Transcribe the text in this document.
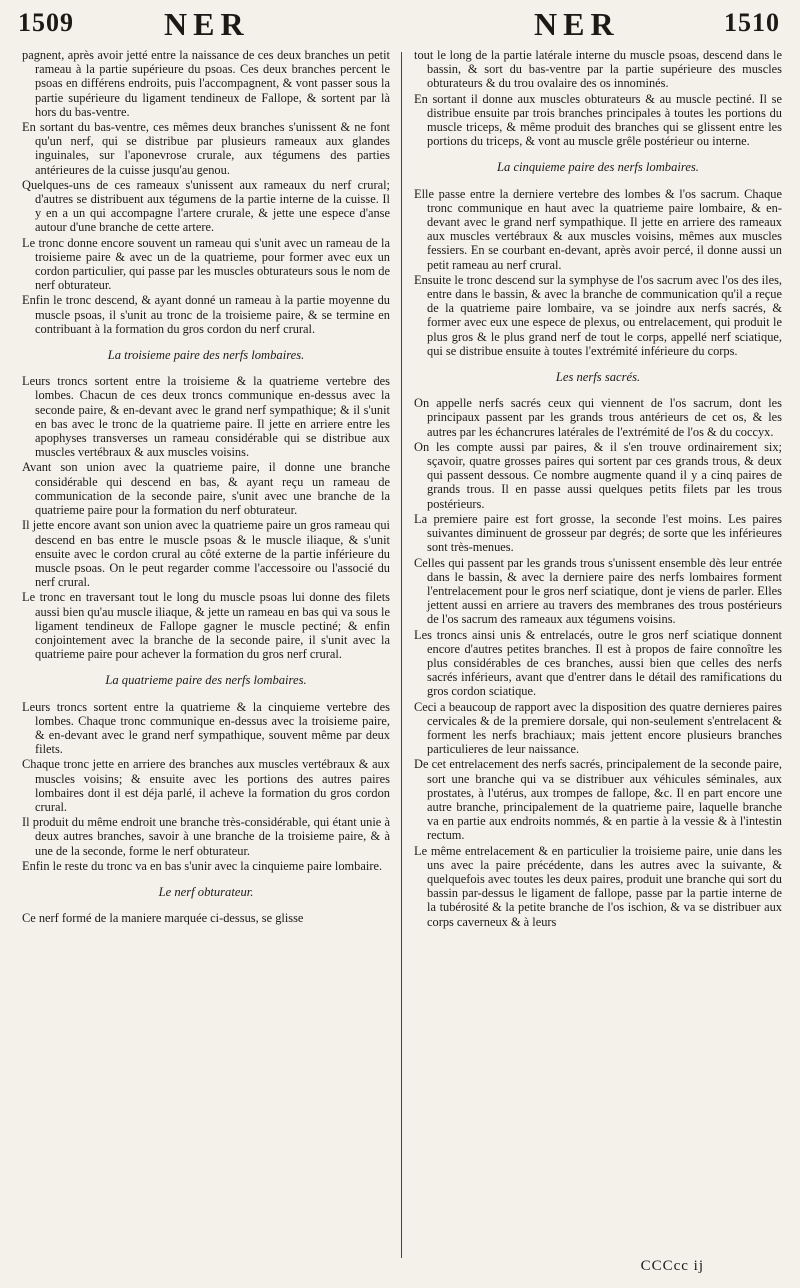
1509	NER	NER	1510
pagnent, après avoir jetté entre la naissance de ces deux branches un petit rameau à la partie supérieure du psoas. Ces deux branches percent le psoas en différens endroits, puis l'accompagnent, & vont passer sous la partie supérieure du ligament tendineux de Fallope, & sortent par là hors du bas-ventre.
En sortant du bas-ventre, ces mêmes deux branches s'unissent & ne font qu'un nerf, qui se distribue par plusieurs rameaux aux glandes inguinales, sur l'aponevrose crurale, aux tégumens des parties antérieures de la cuisse jusqu'au genou.
Quelques-uns de ces rameaux s'unissent aux rameaux du nerf crural; d'autres se distribuent aux tégumens de la partie interne de la cuisse. Il y en a un qui accompagne l'artere crurale, & jette une espece d'anse autour d'une branche de cette artere.
Le tronc donne encore souvent un rameau qui s'unit avec un rameau de la troisieme paire & avec un de la quatrieme, pour former avec eux un cordon particulier, qui passe par les muscles obturateurs sous le nom de nerf obturateur.
Enfin le tronc descend, & ayant donné un rameau à la partie moyenne du muscle psoas, il s'unit au tronc de la troisieme paire, & se termine en contribuant à la formation du gros cordon du nerf crural.
La troisieme paire des nerfs lombaires.
Leurs troncs sortent entre la troisieme & la quatrieme vertebre des lombes. Chacun de ces deux troncs communique en-dessus avec la seconde paire, & en-devant avec le grand nerf sympathique; & il s'unit en bas avec le tronc de la quatrieme paire. Il jette en arriere entre les apophyses transverses un rameau considérable qui se distribue aux muscles vertébraux & aux muscles voisins.
Avant son union avec la quatrieme paire, il donne une branche considérable qui descend en bas, & ayant reçu un rameau de communication de la seconde paire, s'unit avec une branche de la quatrieme paire pour la formation du nerf obturateur.
Il jette encore avant son union avec la quatrieme paire un gros rameau qui descend en bas entre le muscle psoas & le muscle iliaque, & s'unit ensuite avec le cordon crural au côté externe de la partie inférieure du muscle psoas. On le peut regarder comme l'accessoire ou l'associé du nerf crural.
Le tronc en traversant tout le long du muscle psoas lui donne des filets aussi bien qu'au muscle iliaque, & jette un rameau en bas qui va sous le ligament tendineux de Fallope gagner le muscle pectiné; & enfin conjointement avec la branche de la seconde paire, il s'unit avec la quatrieme paire pour achever la formation du gros nerf crural.
La quatrieme paire des nerfs lombaires.
Leurs troncs sortent entre la quatrieme & la cinquieme vertebre des lombes. Chaque tronc communique en-dessus avec la troisieme paire, & en-devant avec le grand nerf sympathique, souvent même par deux filets.
Chaque tronc jette en arriere des branches aux muscles vertébraux & aux muscles voisins; & ensuite avec les portions des autres paires lombaires dont il est déja parlé, il acheve la formation du gros cordon crural.
Il produit du même endroit une branche très-considérable, qui étant unie à deux autres branches, savoir à une branche de la troisieme paire, & à une de la seconde, forme le nerf obturateur.
Enfin le reste du tronc va en bas s'unir avec la cinquieme paire lombaire.
Le nerf obturateur.
Ce nerf formé de la maniere marquée ci-dessus, se glisse
tout le long de la partie latérale interne du muscle psoas, descend dans le bassin, & sort du bas-ventre par la partie supérieure des muscles obturateurs & du trou ovalaire des os innominés.
En sortant il donne aux muscles obturateurs & au muscle pectiné. Il se distribue ensuite par trois branches principales à toutes les portions du muscle triceps, & même produit des branches qui se glissent entre les portions du triceps, & vont au muscle grêle postérieur ou interne.
La cinquieme paire des nerfs lombaires.
Elle passe entre la derniere vertebre des lombes & l'os sacrum. Chaque tronc communique en haut avec la quatrieme paire lombaire, & en-devant avec le grand nerf sympathique. Il jette en arriere des rameaux aux muscles vertébraux & aux muscles voisins, mêmes aux muscles fessiers. En se courbant en-devant, après avoir percé, il donne aussi un petit rameau au nerf crural.
Ensuite le tronc descend sur la symphyse de l'os sacrum avec l'os des iles, entre dans le bassin, & avec la branche de communication qu'il a reçue de la quatrieme paire lombaire, va se joindre aux nerfs sacrés, & former avec eux une espece de plexus, ou entrelacement, qui produit le plus gros & le plus grand nerf de tout le corps, appellé nerf sciatique, qui se distribue ensuite à toutes l'extrémité inférieure du corps.
Les nerfs sacrés.
On appelle nerfs sacrés ceux qui viennent de l'os sacrum, dont les principaux passent par les grands trous antérieurs de cet os, & les autres par les échancrures latérales de l'extrémité de l'os & du coccyx.
On les compte aussi par paires, & il s'en trouve ordinairement six; sçavoir, quatre grosses paires qui sortent par ces grands trous, & deux qui passent dessous. Ce nombre augmente quand il y a cinq paires de grands trous. Il en passe aussi quelques petits filets par les trous postérieurs.
La premiere paire est fort grosse, la seconde l'est moins. Les paires suivantes diminuent de grosseur par degrés; de sorte que les inférieures sont très-menues.
Celles qui passent par les grands trous s'unissent ensemble dès leur entrée dans le bassin, & avec la derniere paire des nerfs lombaires forment l'entrelacement pour le gros nerf sciatique, dont je viens de parler. Elles jettent aussi en arriere au travers des membranes des trous postérieurs de l'os sacrum des rameaux aux tégumens voisins.
Les troncs ainsi unis & entrelacés, outre le gros nerf sciatique donnent encore d'autres petites branches. Il est à propos de faire connoître les plus considérables de ces branches, aussi bien que celles des nerfs sacrés inférieurs, avant que d'entrer dans le détail des ramifications du gros cordon sciatique.
Ceci a beaucoup de rapport avec la disposition des quatre dernieres paires cervicales & de la premiere dorsale, qui non-seulement s'entrelacent & forment les nerfs brachiaux; mais jettent encore plusieurs branches particulieres de leur naissance.
De cet entrelacement des nerfs sacrés, principalement de la seconde paire, sort une branche qui va se distribuer aux véhicules séminales, aux prostates, à l'utérus, aux trompes de fallope, &c. Il en part encore une autre branche, principalement de la quatrieme paire, laquelle branche va en partie aux endroits nommés, & en partie à la vessie & à l'intestin rectum.
Le même entrelacement & en particulier la troisieme paire, unie dans les uns avec la paire précédente, dans les autres avec la suivante, & quelquefois avec toutes les deux paires, produit une branche qui sort du bassin par-dessus le ligament de fallope, passe par la partie interne de la tubérosité & la petite branche de l'os ischion, & va se distribuer aux corps caverneux & à leurs
CCCcc ij
